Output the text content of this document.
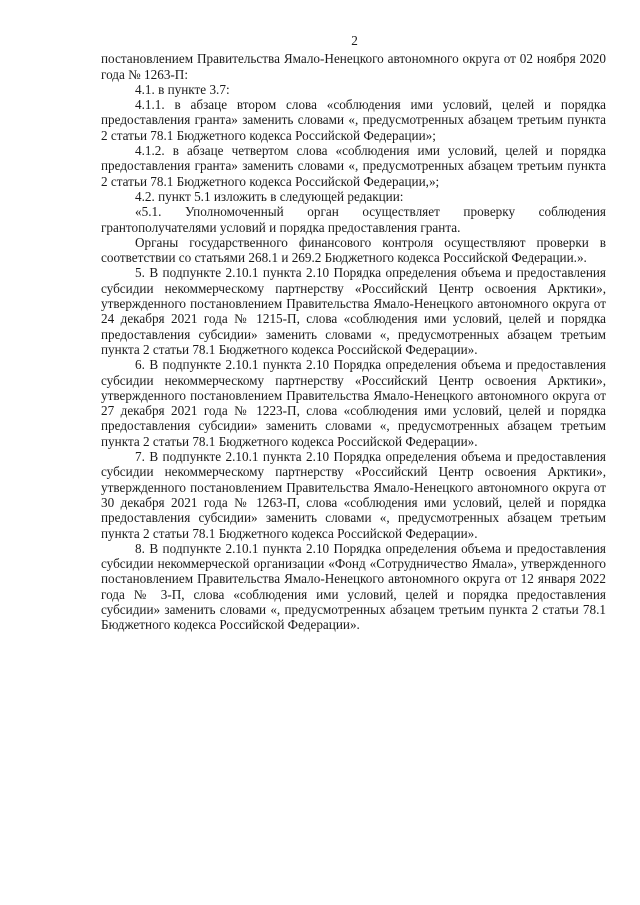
2

постановлением Правительства Ямало-Ненецкого автономного округа от 02 ноября 2020 года № 1263-П:

4.1. в пункте 3.7:

4.1.1. в абзаце втором слова «соблюдения ими условий, целей и порядка предоставления гранта» заменить словами «, предусмотренных абзацем третьим пункта 2 статьи 78.1 Бюджетного кодекса Российской Федерации»;

4.1.2. в абзаце четвертом слова «соблюдения ими условий, целей и порядка предоставления гранта» заменить словами «, предусмотренных абзацем третьим пункта 2 статьи 78.1 Бюджетного кодекса Российской Федерации,»;

4.2. пункт 5.1 изложить в следующей редакции:

«5.1. Уполномоченный орган осуществляет проверку соблюдения грантополучателями условий и порядка предоставления гранта.

Органы государственного финансового контроля осуществляют проверки в соответствии со статьями 268.1 и 269.2 Бюджетного кодекса Российской Федерации.».

5. В подпункте 2.10.1 пункта 2.10 Порядка определения объема и предоставления субсидии некоммерческому партнерству «Российский Центр освоения Арктики», утвержденного постановлением Правительства Ямало-Ненецкого автономного округа от 24 декабря 2021 года № 1215-П, слова «соблюдения ими условий, целей и порядка предоставления субсидии» заменить словами «, предусмотренных абзацем третьим пункта 2 статьи 78.1 Бюджетного кодекса Российской Федерации».

6. В подпункте 2.10.1 пункта 2.10 Порядка определения объема и предоставления субсидии некоммерческому партнерству «Российский Центр освоения Арктики», утвержденного постановлением Правительства Ямало-Ненецкого автономного округа от 27 декабря 2021 года № 1223-П, слова «соблюдения ими условий, целей и порядка предоставления субсидии» заменить словами «, предусмотренных абзацем третьим пункта 2 статьи 78.1 Бюджетного кодекса Российской Федерации».

7. В подпункте 2.10.1 пункта 2.10 Порядка определения объема и предоставления субсидии некоммерческому партнерству «Российский Центр освоения Арктики», утвержденного постановлением Правительства Ямало-Ненецкого автономного округа от 30 декабря 2021 года № 1263-П, слова «соблюдения ими условий, целей и порядка предоставления субсидии» заменить словами «, предусмотренных абзацем третьим пункта 2 статьи 78.1 Бюджетного кодекса Российской Федерации».

8. В подпункте 2.10.1 пункта 2.10 Порядка определения объема и предоставления субсидии некоммерческой организации «Фонд «Сотрудничество Ямала», утвержденного постановлением Правительства Ямало-Ненецкого автономного округа от 12 января 2022 года № 3-П, слова «соблюдения ими условий, целей и порядка предоставления субсидии» заменить словами «, предусмотренных абзацем третьим пункта 2 статьи 78.1 Бюджетного кодекса Российской Федерации».
